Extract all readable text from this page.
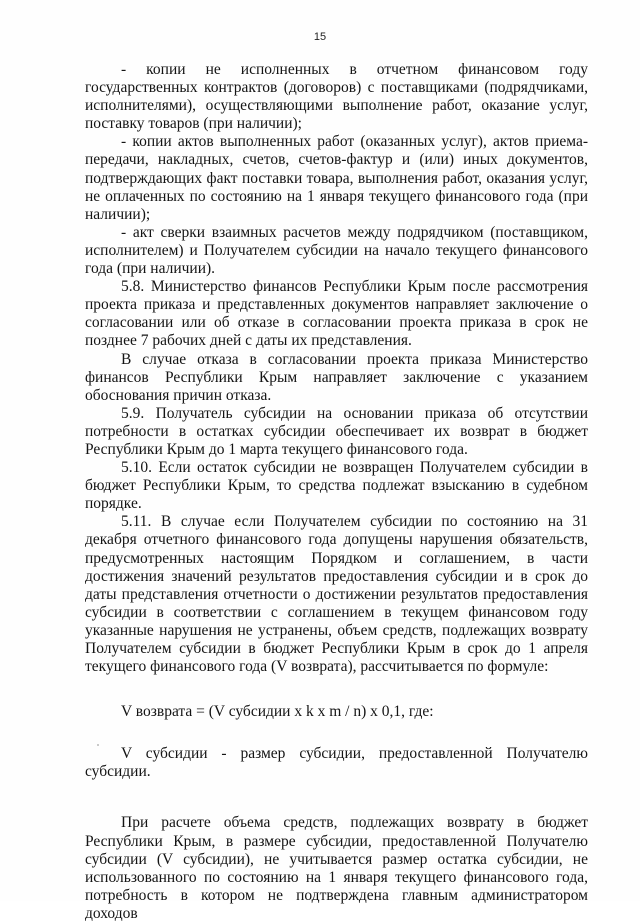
15

- копии не исполненных в отчетном финансовом году государственных контрактов (договоров) с поставщиками (подрядчиками, исполнителями), осуществляющими выполнение работ, оказание услуг, поставку товаров (при наличии);

- копии актов выполненных работ (оказанных услуг), актов приема-передачи, накладных, счетов, счетов-фактур и (или) иных документов, подтверждающих факт поставки товара, выполнения работ, оказания услуг, не оплаченных по состоянию на 1 января текущего финансового года (при наличии);

- акт сверки взаимных расчетов между подрядчиком (поставщиком, исполнителем) и Получателем субсидии на начало текущего финансового года (при наличии).

5.8. Министерство финансов Республики Крым после рассмотрения проекта приказа и представленных документов направляет заключение о согласовании или об отказе в согласовании проекта приказа в срок не позднее 7 рабочих дней с даты их представления.

В случае отказа в согласовании проекта приказа Министерство финансов Республики Крым направляет заключение с указанием обоснования причин отказа.

5.9. Получатель субсидии на основании приказа об отсутствии потребности в остатках субсидии обеспечивает их возврат в бюджет Республики Крым до 1 марта текущего финансового года.

5.10. Если остаток субсидии не возвращен Получателем субсидии в бюджет Республики Крым, то средства подлежат взысканию в судебном порядке.

5.11. В случае если Получателем субсидии по состоянию на 31 декабря отчетного финансового года допущены нарушения обязательств, предусмотренных настоящим Порядком и соглашением, в части достижения значений результатов предоставления субсидии и в срок до даты представления отчетности о достижении результатов предоставления субсидии в соответствии с соглашением в текущем финансовом году указанные нарушения не устранены, объем средств, подлежащих возврату Получателем субсидии в бюджет Республики Крым в срок до 1 апреля текущего финансового года (V возврата), рассчитывается по формуле:

V возврата = (V субсидии x k x m / n) x 0,1, где:

V субсидии - размер субсидии, предоставленной Получателю субсидии.

При расчете объема средств, подлежащих возврату в бюджет Республики Крым, в размере субсидии, предоставленной Получателю субсидии (V субсидии), не учитывается размер остатка субсидии, не использованного по состоянию на 1 января текущего финансового года, потребность в котором не подтверждена главным администратором доходов
